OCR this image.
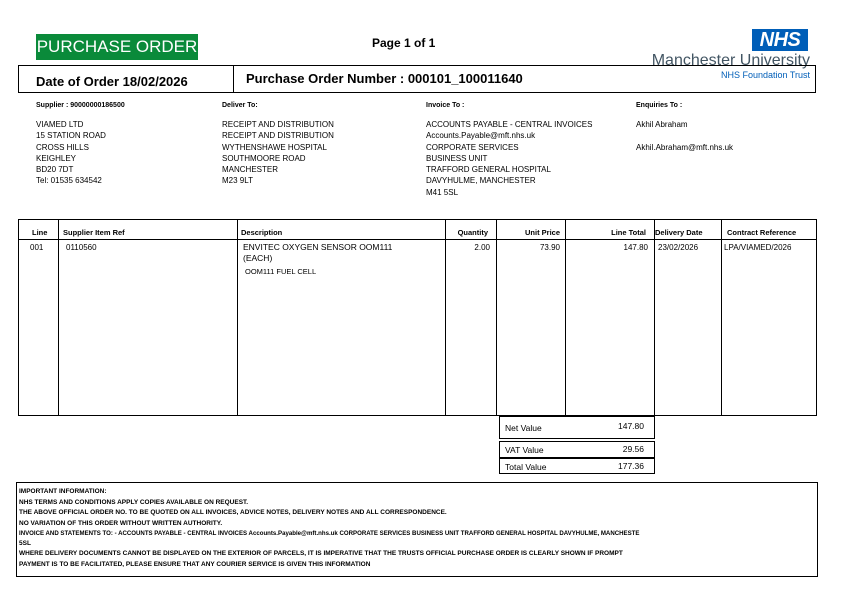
PURCHASE ORDER	Page 1 of 1	NHS
Manchester University
NHS Foundation Trust
Date of Order 18/02/2026	Purchase Order Number : 000101_100011640
Supplier : 90000000186500
VIAMED LTD
15 STATION ROAD
CROSS HILLS
KEIGHLEY
BD20 7DT
Tel: 01535 634542
Deliver To:
RECEIPT AND DISTRIBUTION
RECEIPT AND DISTRIBUTION
WYTHENSHAWE HOSPITAL
SOUTHMOORE ROAD
MANCHESTER
M23 9LT
Invoice To :
ACCOUNTS PAYABLE - CENTRAL INVOICES
Accounts.Payable@mft.nhs.uk
CORPORATE SERVICES
BUSINESS UNIT
TRAFFORD GENERAL HOSPITAL
DAVYHULME, MANCHESTER
M41 5SL
Enquiries To :
Akhil Abraham
Akhil.Abraham@mft.nhs.uk
Line Supplier Item Ref	Description	Quantity	Unit Price	Line Total Delivery Date	Contract Reference
001	0110560	ENVITEC OXYGEN SENSOR OOM111
(EACH)
OOM111 FUEL CELL
2.00	73.90	147.80 23/02/2026	LPA/VIAMED/2026
Net Value	147.80
VAT Value	29.56
Total Value	177.36
IMPORTANT INFORMATION:
NHS TERMS AND CONDITIONS APPLY COPIES AVAILABLE ON REQUEST.
THE ABOVE OFFICIAL ORDER NO. TO BE QUOTED ON ALL INVOICES, ADVICE NOTES, DELIVERY NOTES AND ALL CORRESPONDENCE.
NO VARIATION OF THIS ORDER WITHOUT WRITTEN AUTHORITY.
INVOICE AND STATEMENTS TO: - ACCOUNTS PAYABLE - CENTRAL INVOICES Accounts.Payable@mft.nhs.uk CORPORATE SERVICES BUSINESS UNIT TRAFFORD GENERAL HOSPITAL DAVYHULME, MANCHESTE
5SL
WHERE DELIVERY DOCUMENTS CANNOT BE DISPLAYED ON THE EXTERIOR OF PARCELS, IT IS IMPERATIVE THAT THE TRUSTS OFFICIAL PURCHASE ORDER IS CLEARLY SHOWN IF PROMPT
PAYMENT IS TO BE FACILITATED, PLEASE ENSURE THAT ANY COURIER SERVICE IS GIVEN THIS INFORMATION
